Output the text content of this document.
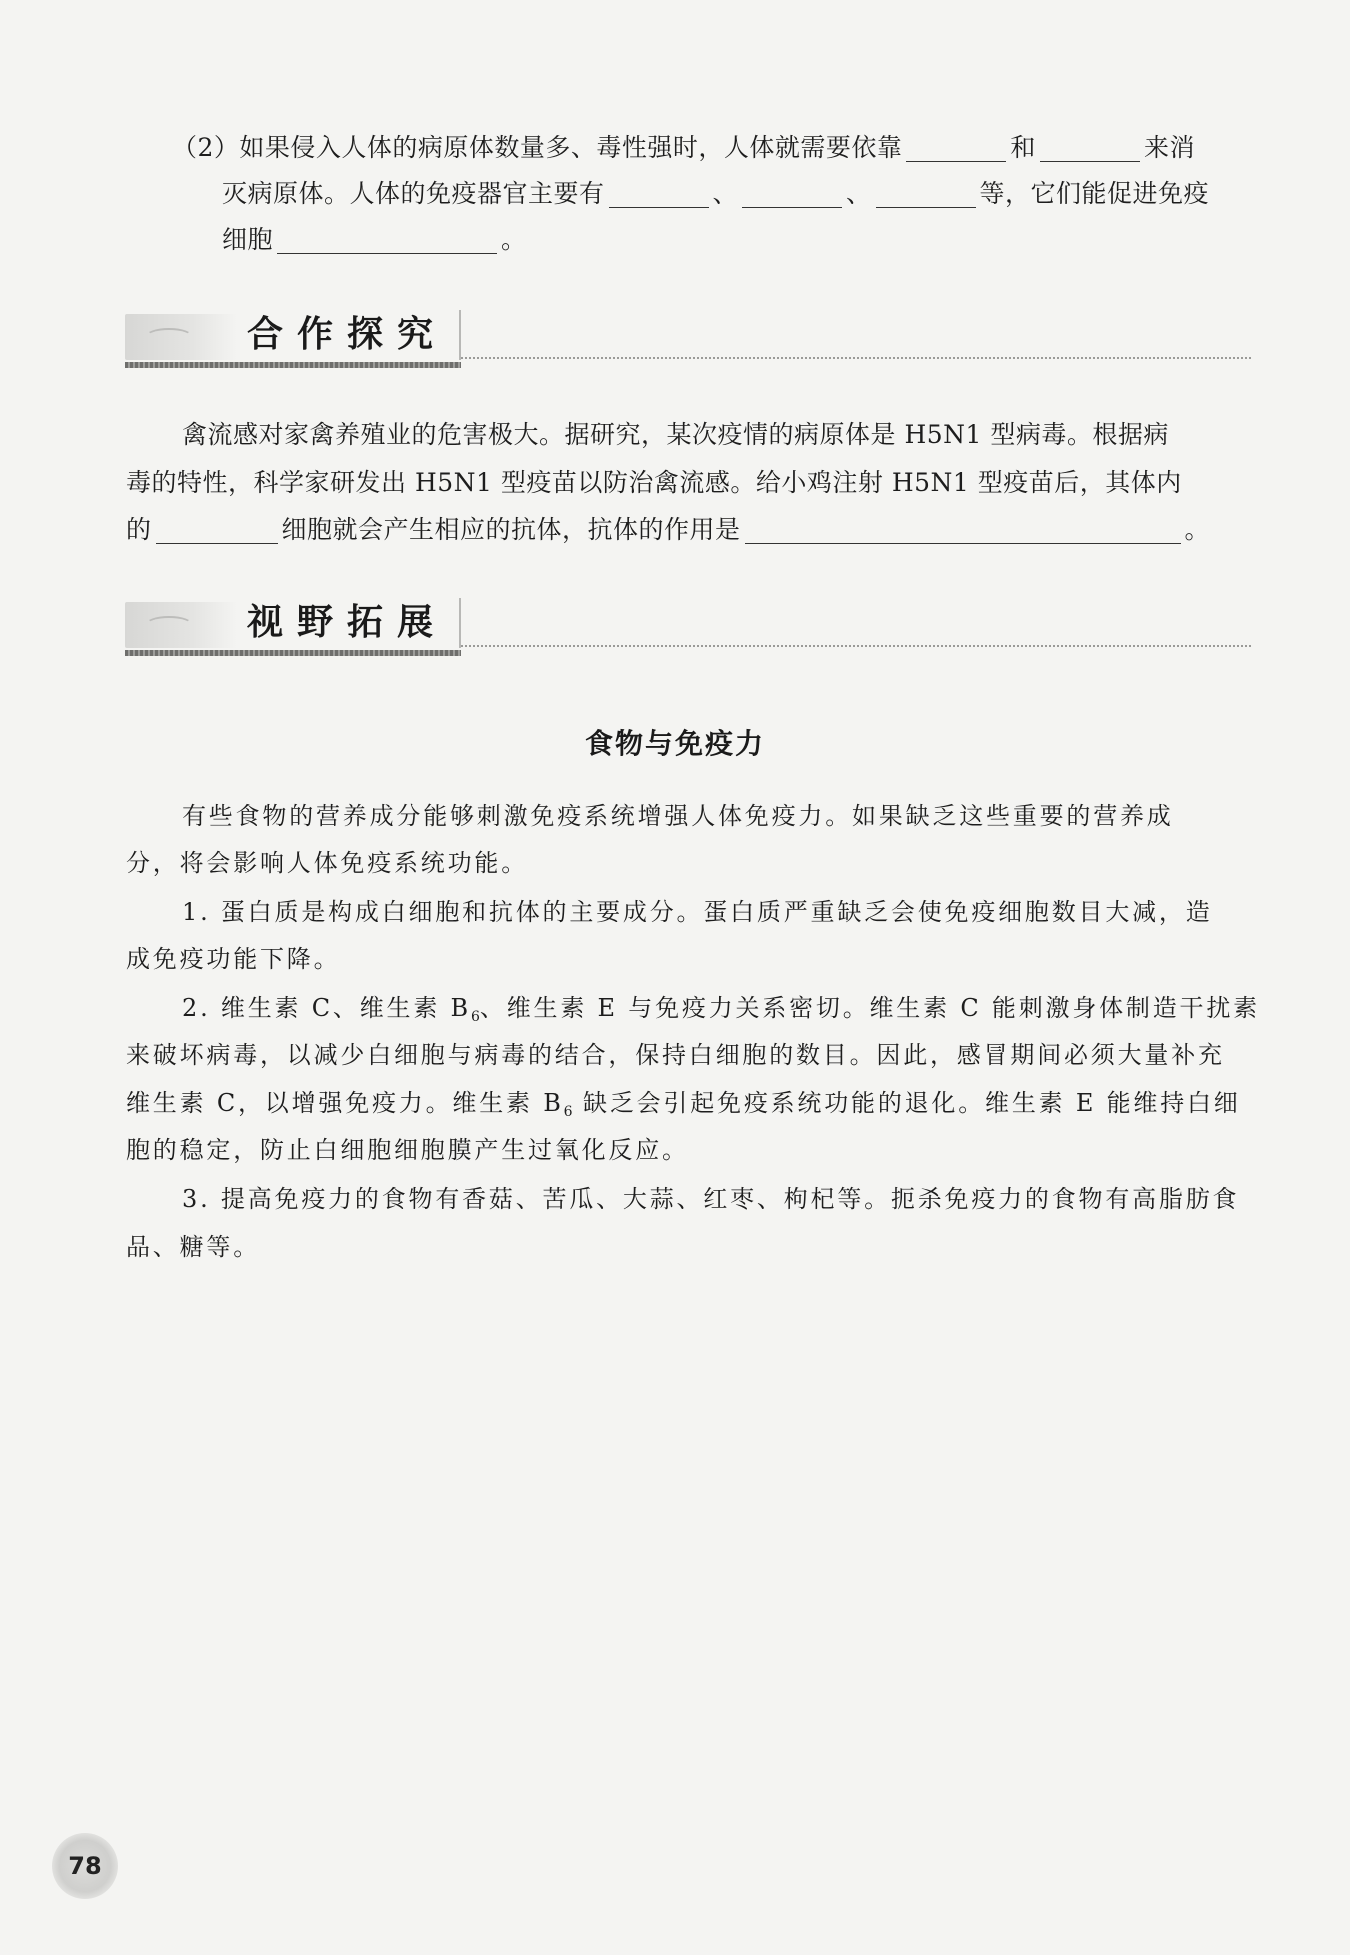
（2）如果侵入人体的病原体数量多、毒性强时，人体就需要依靠	和	来消
灭病原体。人体的免疫器官主要有	、	、	等，它们能促进免疫
细胞	。
合作探究
禽流感对家禽养殖业的危害极大。据研究，某次疫情的病原体是 H5N1 型病毒。根据病
毒的特性，科学家研发出 H5N1 型疫苗以防治禽流感。给小鸡注射 H5N1 型疫苗后，其体内
的	细胞就会产生相应的抗体，抗体的作用是	。
视野拓展
食物与免疫力
有些食物的营养成分能够刺激免疫系统增强人体免疫力。如果缺乏这些重要的营养成
分，将会影响人体免疫系统功能。
1. 蛋白质是构成白细胞和抗体的主要成分。蛋白质严重缺乏会使免疫细胞数目大减，造
成免疫功能下降。
2. 维生素 C、维生素 $B_6$、维生素 E 与免疫力关系密切。维生素 C 能刺激身体制造干扰素
来破坏病毒，以减少白细胞与病毒的结合，保持白细胞的数目。因此，感冒期间必须大量补充
维生素 C，以增强免疫力。维生素 $B_6$ 缺乏会引起免疫系统功能的退化。维生素 E 能维持白细
胞的稳定，防止白细胞细胞膜产生过氧化反应。
3. 提高免疫力的食物有香菇、苦瓜、大蒜、红枣、枸杞等。扼杀免疫力的食物有高脂肪食
品、糖等。
78
